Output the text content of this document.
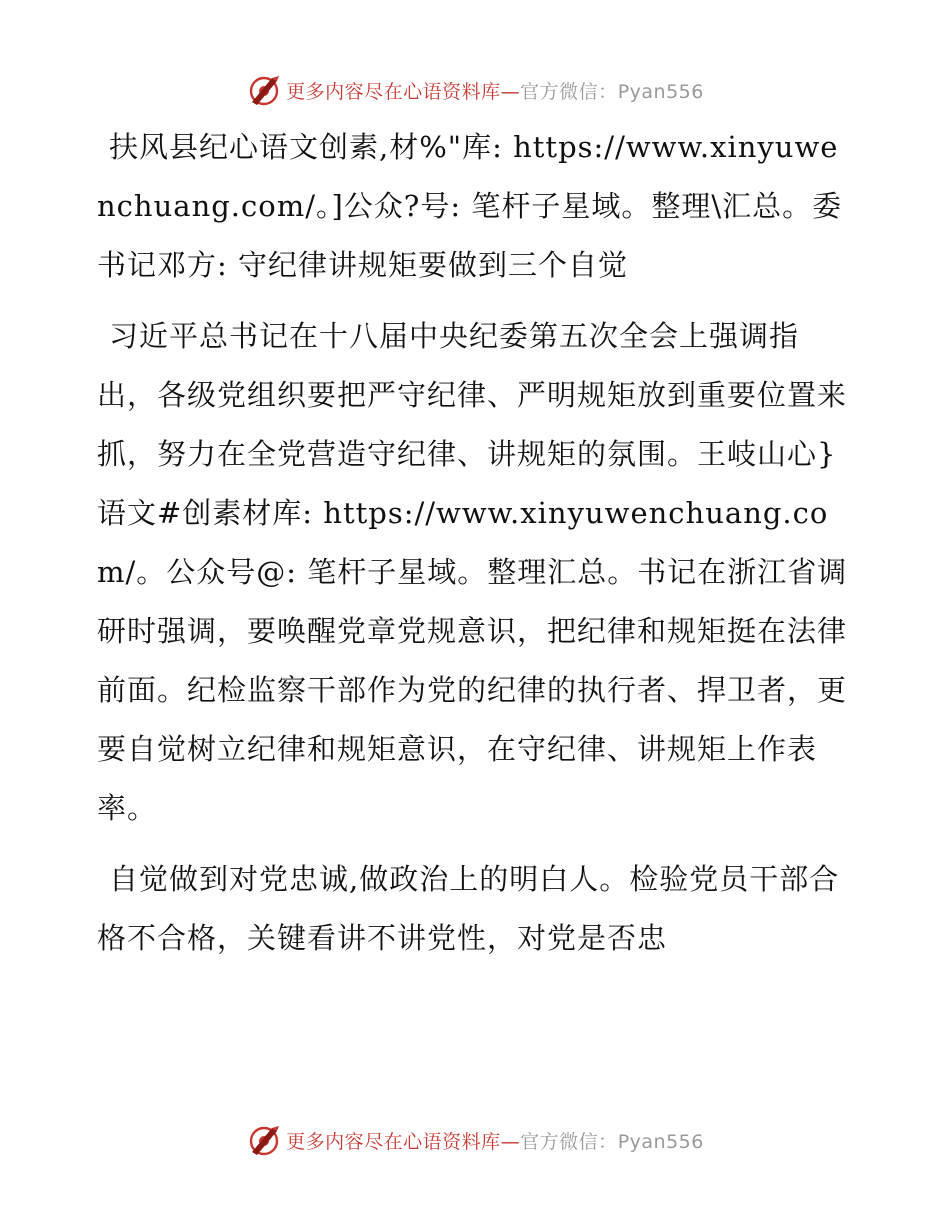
更多内容尽在心语资料库—官方微信：Pyan556

扶风县纪心语文创素,材%"库: https://www.xinyuwenchuang.com/。]公众?号: 笔杆子星域。整理\汇总。委书记邓方: 守纪律讲规矩要做到三个自觉

习近平总书记在十八届中央纪委第五次全会上强调指出，各级党组织要把严守纪律、严明规矩放到重要位置来抓，努力在全党营造守纪律、讲规矩的氛围。王岐山心}语文#创素材库: https://www.xinyuwenchuang.com/。公众号@: 笔杆子星域。整理汇总。书记在浙江省调研时强调，要唤醒党章党规意识，把纪律和规矩挺在法律前面。纪检监察干部作为党的纪律的执行者、捍卫者，更要自觉树立纪律和规矩意识，在守纪律、讲规矩上作表率。

自觉做到对党忠诚,做政治上的明白人。检验党员干部合格不合格，关键看讲不讲党性，对党是否忠

更多内容尽在心语资料库—官方微信：Pyan556
